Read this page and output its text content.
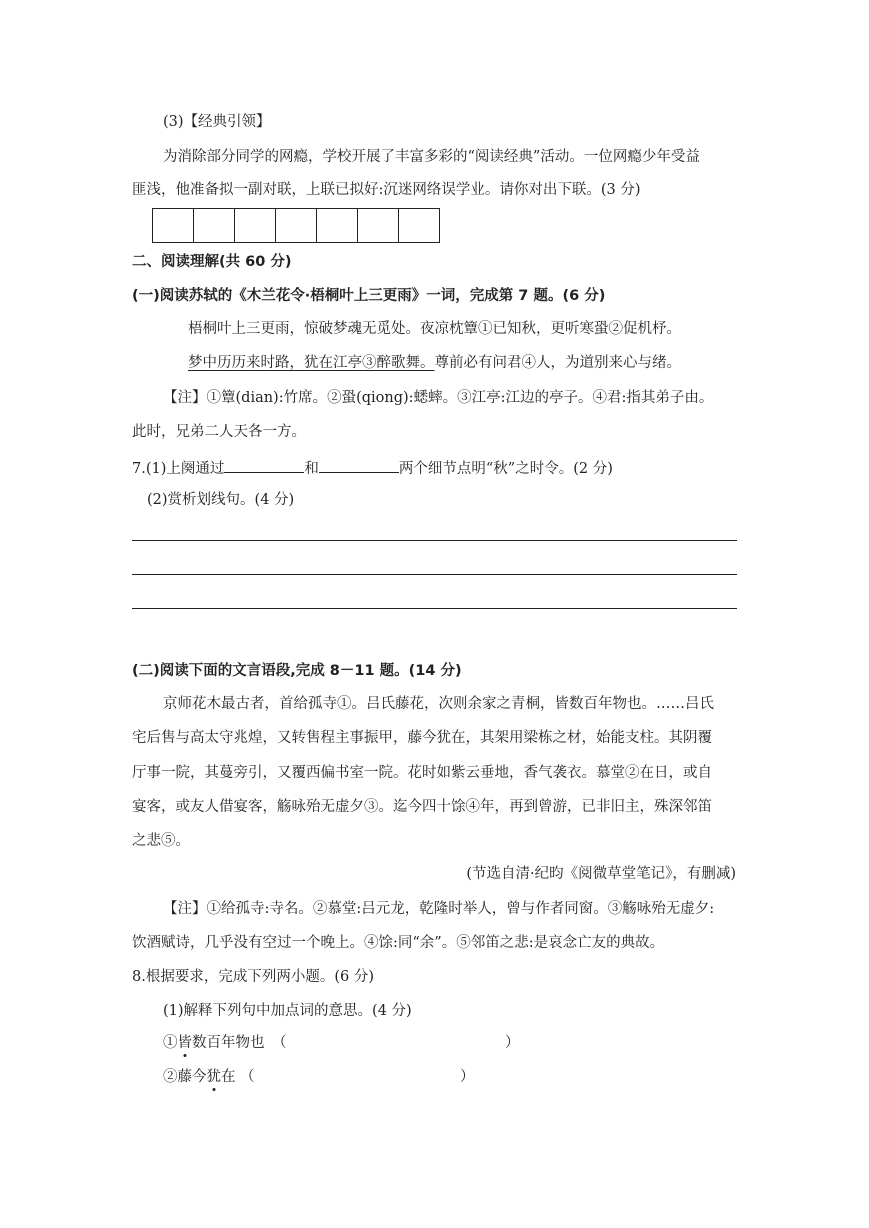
(3)【经典引领】
为消除部分同学的网瘾，学校开展了丰富多彩的“阅读经典”活动。一位网瘾少年受益
匪浅，他准备拟一副对联，上联已拟好:沉迷网络误学业。请你对出下联。(3 分)
二、阅读理解(共 60 分)
(一)阅读苏轼的《木兰花令·梧桐叶上三更雨》一词，完成第 7 题。(6 分)
梧桐叶上三更雨，惊破梦魂无觅处。夜凉枕簟①已知秋，更听寒蛩②促机杼。
梦中历历来时路，犹在江亭③醉歌舞。尊前必有问君④人，为道别来心与绪。
【注】①簟(dian):竹席。②蛩(qiong):蟋蟀。③江亭:江边的亭子。④君:指其弟子由。
此时，兄弟二人天各一方。
7.(1)上阕通过	和	两个细节点明“秋”之时令。(2 分)
(2)赏析划线句。(4 分)
(二)阅读下面的文言语段,完成 8－11 题。(14 分)
京师花木最古者，首给孤寺①。吕氏藤花，次则余家之青桐，皆数百年物也。……吕氏
宅后售与高太守兆煌，又转售程主事振甲，藤今犹在，其架用梁栋之材，始能支柱。其阴覆
厅事一院，其蔓旁引，又覆西偏书室一院。花时如紫云垂地，香气袭衣。慕堂②在日，或自
宴客，或友人借宴客，觞咏殆无虚夕③。迄今四十馀④年，再到曾游，已非旧主，殊深邻笛
之悲⑤。
(节选自清·纪昀《阅微草堂笔记》，有删减)
【注】①给孤寺:寺名。②慕堂:吕元龙，乾隆时举人，曾与作者同窗。③觞咏殆无虚夕:
饮酒赋诗，几乎没有空过一个晚上。④馀:同“余”。⑤邻笛之悲:是哀念亡友的典故。
8.根据要求，完成下列两小题。(6 分)
(1)解释下列句中加点词的意思。(4 分)
①皆数百年物也 （	）
②藤今犹在 （	）
